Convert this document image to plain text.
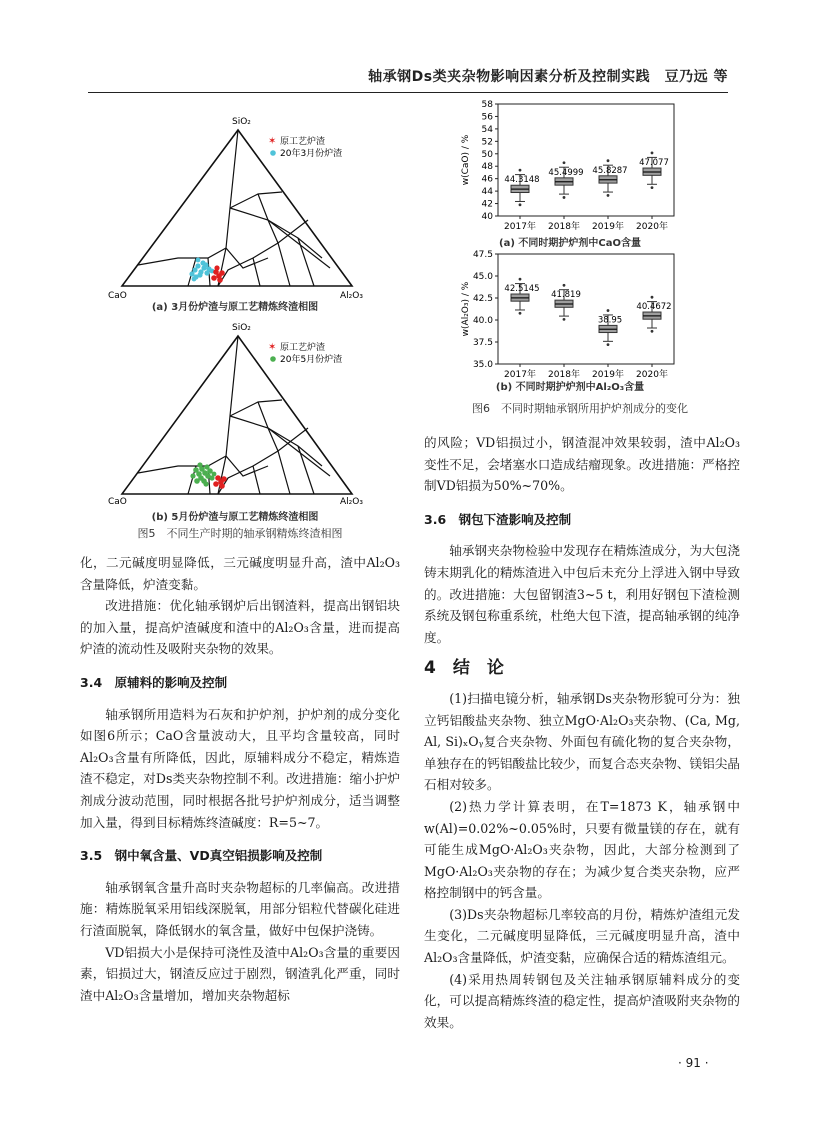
轴承钢Ds类夹杂物影响因素分析及控制实践　豆乃远 等
SiO₂
CaO	Al₂O₃
✶ 原工艺炉渣
20年3月份炉渣
(a) 3月份炉渣与原工艺精炼终渣相图
SiO₂
CaO	Al₂O₃
✶ 原工艺炉渣
20年5月份炉渣
(b) 5月份炉渣与原工艺精炼终渣相图
图5　不同生产时期的轴承钢精炼终渣相图
40
42
44
46
48
50
52
54
56
58
w(CaO) / %	44.3148
2017年
45.4999
2018年
45.8287
2019年
47.077
2020年
(a) 不同时期护炉剂中CaO含量
35.0
37.5
40.0
42.5
45.0
47.5
w(Al₂O₃) / %	42.5145
2017年
41.819
2018年
38.95
2019年
40.4672
2020年
(b) 不同时期护炉剂中Al₂O₃含量
图6　不同时期轴承钢所用护炉剂成分的变化

化，二元碱度明显降低，三元碱度明显升高，渣中Al₂O₃含量降低，炉渣变黏。

改进措施：优化轴承钢炉后出钢渣料，提高出钢铝块的加入量，提高炉渣碱度和渣中的Al₂O₃含量，进而提高炉渣的流动性及吸附夹杂物的效果。

3.4　原辅料的影响及控制

轴承钢所用造料为石灰和护炉剂，护炉剂的成分变化如图6所示；CaO含量波动大，且平均含量较高，同时Al₂O₃含量有所降低，因此，原辅料成分不稳定，精炼造渣不稳定，对Ds类夹杂物控制不利。改进措施：缩小护炉剂成分波动范围，同时根据各批号护炉剂成分，适当调整加入量，得到目标精炼终渣碱度：R=5~7。

3.5　钢中氧含量、VD真空铝损影响及控制

轴承钢氧含量升高时夹杂物超标的几率偏高。改进措施：精炼脱氧采用铝线深脱氧，用部分铝粒代替碳化硅进行渣面脱氧，降低钢水的氧含量，做好中包保护浇铸。

VD铝损大小是保持可浇性及渣中Al₂O₃含量的重要因素，铝损过大，钢渣反应过于剧烈，钢渣乳化严重，同时渣中Al₂O₃含量增加，增加夹杂物超标

的风险；VD铝损过小，钢渣混冲效果较弱，渣中Al₂O₃变性不足，会堵塞水口造成结瘤现象。改进措施：严格控制VD铝损为50%~70%。

3.6　钢包下渣影响及控制

轴承钢夹杂物检验中发现存在精炼渣成分，为大包浇铸末期乳化的精炼渣进入中包后未充分上浮进入钢中导致的。改进措施：大包留钢渣3~5 t，利用好钢包下渣检测系统及钢包称重系统，杜绝大包下渣，提高轴承钢的纯净度。

4　结　论

(1)扫描电镜分析，轴承钢Ds夹杂物形貌可分为：独立钙铝酸盐夹杂物、独立MgO·Al₂O₃夹杂物、(Ca, Mg, Al, Si)ₓOᵧ复合夹杂物、外面包有硫化物的复合夹杂物，单独存在的钙铝酸盐比较少，而复合态夹杂物、镁铝尖晶石相对较多。

(2)热力学计算表明，在T=1873 K，轴承钢中w(Al)=0.02%~0.05%时，只要有微量镁的存在，就有可能生成MgO·Al₂O₃夹杂物，因此，大部分检测到了MgO·Al₂O₃夹杂物的存在；为减少复合类夹杂物，应严格控制钢中的钙含量。

(3)Ds夹杂物超标几率较高的月份，精炼炉渣组元发生变化，二元碱度明显降低，三元碱度明显升高，渣中Al₂O₃含量降低，炉渣变黏，应确保合适的精炼渣组元。

(4)采用热周转钢包及关注轴承钢原辅料成分的变化，可以提高精炼终渣的稳定性，提高炉渣吸附夹杂物的效果。

· 91 ·
